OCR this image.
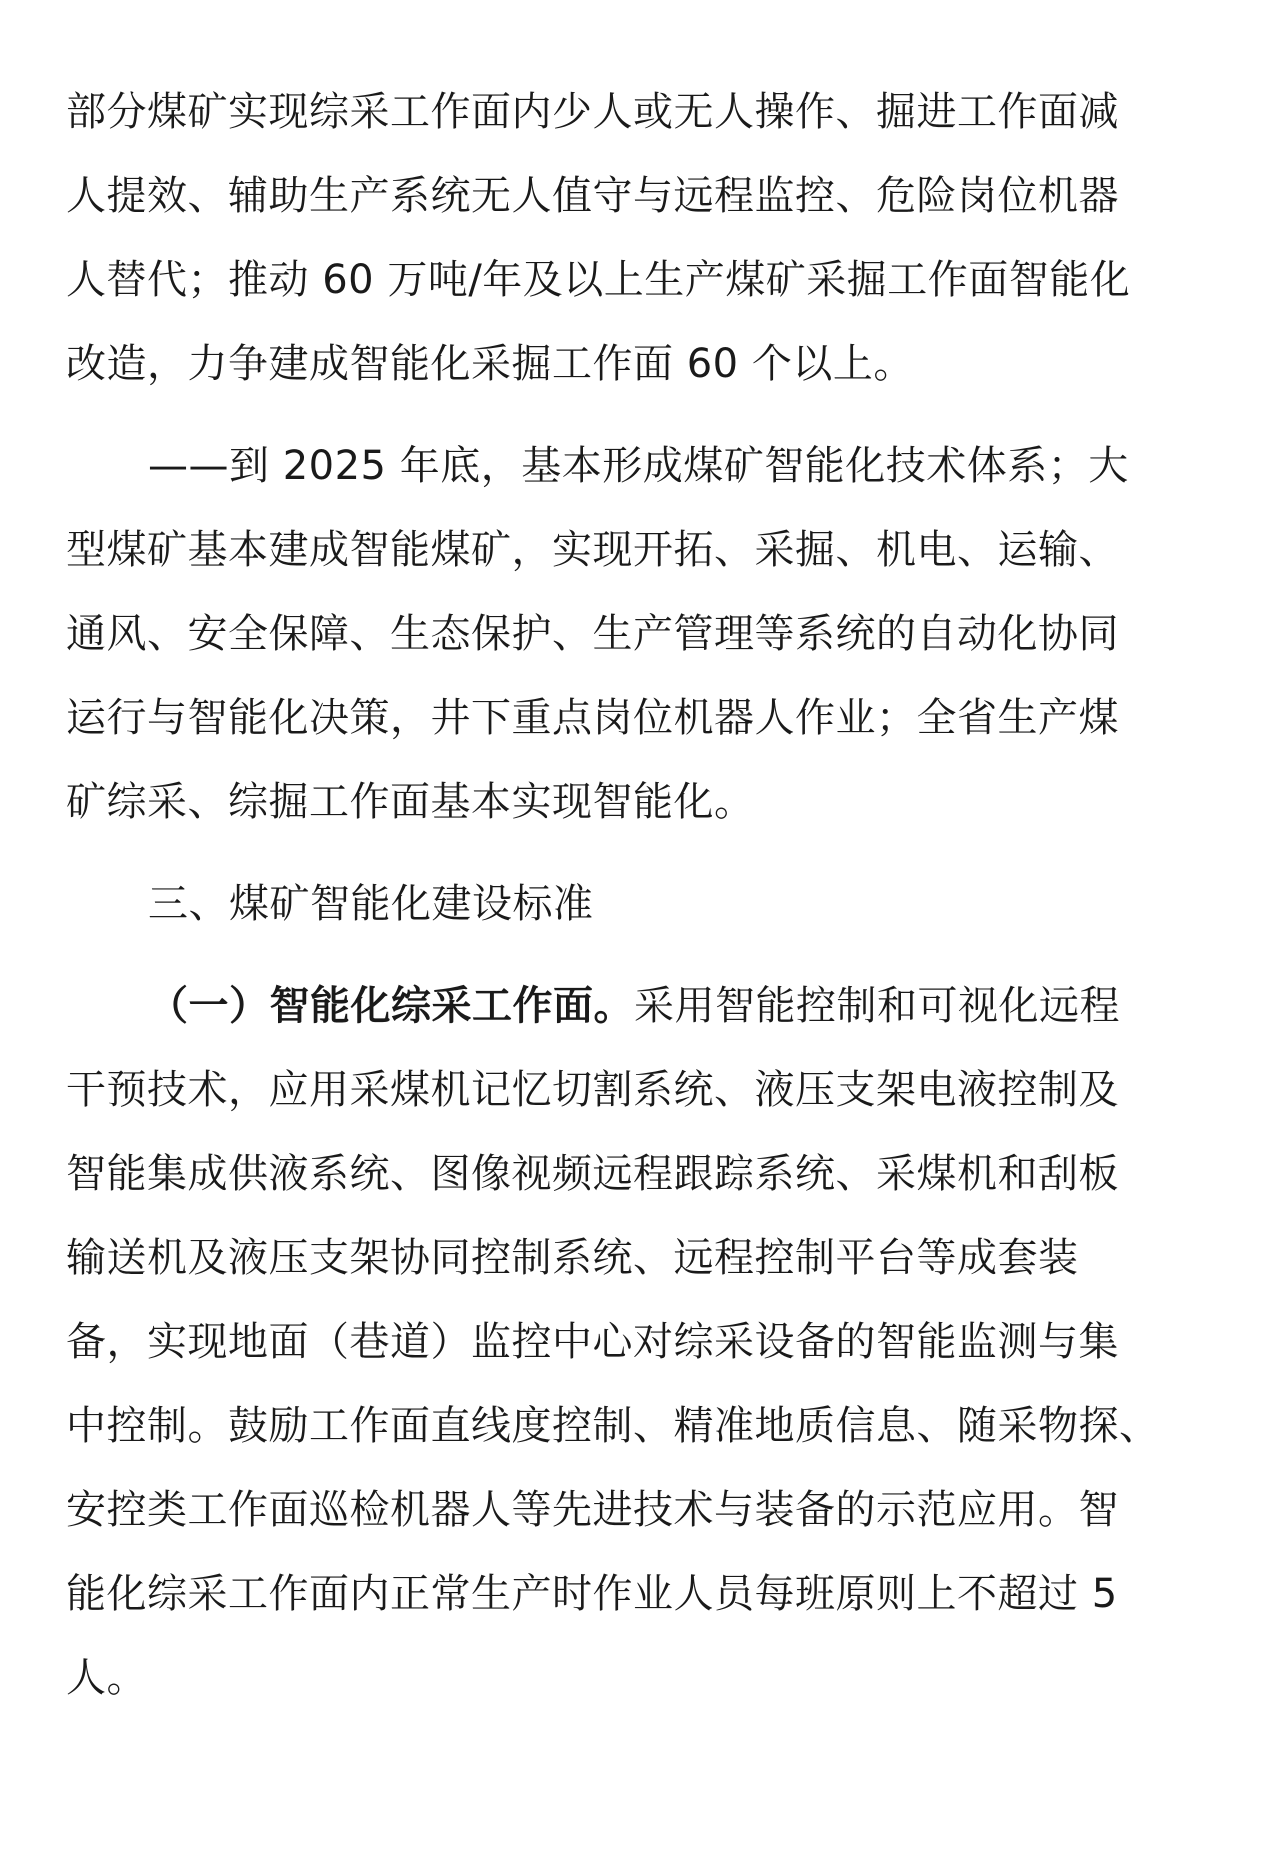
部分煤矿实现综采工作面内少人或无人操作、掘进工作面减
人提效、辅助生产系统无人值守与远程监控、危险岗位机器
人替代；推动 60 万吨/年及以上生产煤矿采掘工作面智能化
改造，力争建成智能化采掘工作面 60 个以上。
——到 2025 年底，基本形成煤矿智能化技术体系；大
型煤矿基本建成智能煤矿，实现开拓、采掘、机电、运输、
通风、安全保障、生态保护、生产管理等系统的自动化协同
运行与智能化决策，井下重点岗位机器人作业；全省生产煤
矿综采、综掘工作面基本实现智能化。
三、煤矿智能化建设标准
（一）智能化综采工作面。采用智能控制和可视化远程
干预技术，应用采煤机记忆切割系统、液压支架电液控制及
智能集成供液系统、图像视频远程跟踪系统、采煤机和刮板
输送机及液压支架协同控制系统、远程控制平台等成套装
备，实现地面（巷道）监控中心对综采设备的智能监测与集
中控制。鼓励工作面直线度控制、精准地质信息、随采物探、
安控类工作面巡检机器人等先进技术与装备的示范应用。智
能化综采工作面内正常生产时作业人员每班原则上不超过 5
人。
